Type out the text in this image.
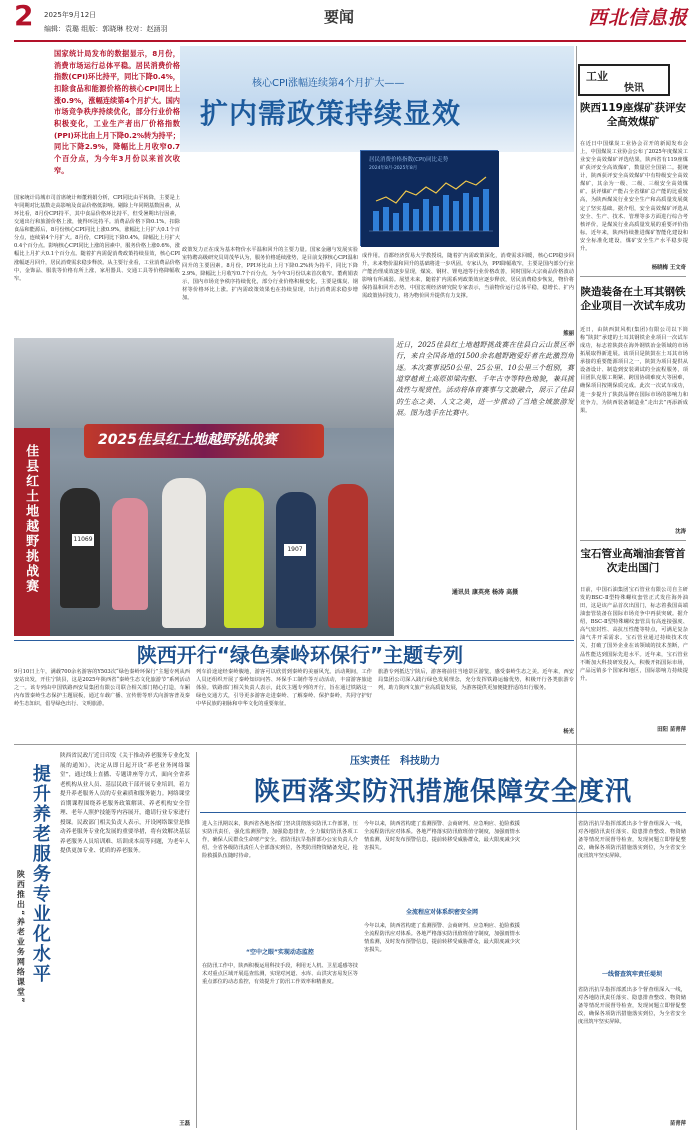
2 2025年9月12日
编辑：袁璐 组版：郭晓琳 校对：赵涵羽
要闻	西北信息报
国家统计局发布的数据显示，8月份，消费市场运行总体平稳。居民消费价格指数(CPI)环比持平，同比下降0.4%，扣除食品和能源价格的核心CPI同比上涨0.9%，涨幅连续第4个月扩大。国内市场竞争秩序持续优化，部分行业价格积极变化，工业生产者出厂价格指数(PPI)环比由上月下降0.2%转为持平；同比下降2.9%，降幅比上月收窄0.7个百分点，为今年3月份以来首次收窄。
核心CPI涨幅连续第4个月扩大——
扩内需政策持续显效
居民消费价格指数(CPI)同比走势
2024年8月-2025年8月
国家统计局城市司首席统计师董莉娟分析，CPI同比由平转降，主要是上年同期对比基数走高影响及食品价格低影响。剔除上年同期基数因素，从环比看，8月份CPI持平，其中食品价格环比持平，但受暑期出行因素，交通出行和旅游价格上涨，使得环比持平。消费品价格下降0.1%，扣除食品和能源后，8月份核心CPI同比上涨0.9%，涨幅比上月扩大0.1个百分点，连续第4个月扩大。8月份，CPI同比下降0.4%，降幅比上月扩大0.4个百分点。影响核心CPI同比上涨的因素中，服务价格上涨0.6%，涨幅比上月扩大0.1个百分点。随着扩内需促消费政策持续显效，核心CPI涨幅逐月回升，居民消费需求稳步释放。从主要行业看，工业消费品价格中，金饰品、服装等价格有所上涨，家用器具、交通工具等价格降幅收窄。
政策发力正在成为基本物价水平温和回升的主要力量。国家金融与发展实验室特聘高级研究员周茂华认为，服务价格延续涨势，是目前支撑核心CPI温和回升的主要因素。8月份，PPI环比由上月下降0.2%转为持平，同比下降2.9%，降幅比上月收窄0.7个百分点，为今年3月份以来首次收窄。董莉娟表示，国内市场竞争秩序持续优化，部分行业价格积极变化，主要是煤炭、钢材等价格环比上涨。扩内需政策效果也在持续显现，出行消费需求稳步增加。
成作用。首都经济贸易大学教授说，随着扩内需政策深化，消费需求回暖，核心CPI稳步回升，未来物价温和回升的基础将进一步巩固。专家认为，PPI降幅收窄，主要是国内部分行业产能治理成效逐步显现，煤炭、钢材、锂电池等行业价格改善，同时国际大宗商品价格波动影响有所减弱。展望未来，随着扩内需系列政策效应逐步释放，居民消费稳步恢复，物价将保持温和回升态势。中国宏观经济研究院专家表示，当前物价运行总体平稳，稳增长、扩内需政策协同发力，将为物价回升提供有力支撑。
熊丽
工业
快讯
陕西119座煤矿获评安全高效煤矿
在近日中国煤炭工业协会召开的新闻发布会上，中国煤炭工业协会公布了2025年度煤炭工业安全高效煤矿评选结果，陕西省有119座煤矿获评安全高效煤矿，数量居全国第二。据统计，陕西获评安全高效煤矿中有特级安全高效煤矿，其余为一级、二级、三级安全高效煤矿。获评煤矿产能占全省煤矿总产能的比重较高，为陕西煤炭行业安全生产和高质量发展奠定了坚实基础。据介绍，安全高效煤矿评选从安全、生产、技术、管理等多方面进行综合考核评价，是煤炭行业高质量发展的重要评价指标。近年来，陕西持续推进煤矿智能化建设和安全标准化建设，煤矿安全生产水平稳步提升。
杨晓梅 王文奇
陕造装备在土耳其钢铁企业项目一次试车成功
近日，由陕西鼓风机(集团)有限公司以下简称“陕鼓”承建的土耳其钢铁企业项目一次试车成功，标志着陕鼓在海外钢铁冶金领域的市场拓展取得新进展。该项目是陕鼓在土耳其市场承接的重要能源项目之一，陕鼓为项目提供从设备设计、制造到安装调试的全流程服务，项目团队克服工期紧、跨国协调难度大等困难，确保项目按期保质完成。此次一次试车成功，进一步提升了陕鼓品牌在国际市场的影响力和竞争力，为陕西装备制造业“走出去”再添新成果。
沈涛
宝石管业高端油套管首次走出国门
日前，中国石油集团宝石管业有限公司自主研发的BSC-Ⅱ型特殊螺纹套管正式发往海外油田，这是该产品首次出国门，标志着我国高端油套管装备在国际市场竞争中再获突破。据介绍，BSC-Ⅱ型特殊螺纹套管具有高连接强度、高气密封性、高抗压性能等特点，可满足复杂油气井开采需求。宝石管业通过持续技术攻关，打破了国外企业在该领域的技术垄断，产品性能达到国际先进水平。近年来，宝石管业不断加大科技研发投入，积极开拓国际市场，产品远销多个国家和地区，国际影响力持续提升。
田阳 苗青萍
2025佳县红土地越野挑战赛
佳县红土地越野挑战赛	11069
1907
近日，2025佳县红土地越野挑战赛在佳县白云山景区举行，来自全国各地的1500余名越野跑爱好者在此激烈角逐。本次赛事设50公里、25公里、10公里三个组别，赛道穿越黄土高原峁梁沟壑、千年古寺等特色地貌，兼具挑战性与观赏性。活动将体育赛事与文旅融合，展示了佳县的生态之美、人文之美，进一步推动了当地全域旅游发展。图为选手在比赛中。
通讯员 康英亮 杨涛 高摄
陕西开行“绿色秦岭环保行”主题专列
9月10日上午，满载700余名游客的Y503次“绿色秦岭环保行”主题专列从西安站出发，开往宁陕县，这是2025年陕西省“秦岭生态文化旅游节”系列活动之一。该专列由中国铁路西安局集团有限公司联合相关部门精心打造，车厢内布置秦岭生态保护主题展板，通过车载广播、宣传册等形式向游客普及秦岭生态知识，倡导绿色出行、文明旅游。
列车沿途途经秦岭腹地，游客可以欣赏到秦岭的美丽风光。活动期间，工作人员还组织开展了秦岭知识问答、环保手工制作等互动活动，丰富游客旅途体验。铁路部门相关负责人表示，此次主题专列的开行，旨在通过铁路这一绿色交通方式，引导更多游客走进秦岭、了解秦岭、保护秦岭，共同守护好中华民族的祖脉和中华文化的重要象征。
旅游专列抵达宁陕后，游客将前往当地景区游览，感受秦岭生态之美。近年来，西安局集团公司深入践行绿色发展理念，充分发挥铁路运输优势，积极开行各类旅游专列，助力陕西文旅产业高质量发展，为游客提供更加便捷舒适的出行服务。
杨光
提升养老服务专业化水平
陕西推出“养老业务网络课堂”
陕西省民政厅近日印发《关于推动养老服务专业化发展的通知》，决定从即日起开设“养老业务网络课堂”，通过线上直播、专题讲座等方式，面向全省养老机构从业人员、基层民政干部开展专业培训，着力提升养老服务人员的专业素质和服务能力。网络课堂首期课程围绕养老服务政策解读、养老机构安全管理、老年人照护技能等内容展开，邀请行业专家进行授课。民政部门相关负责人表示，开设网络课堂是推动养老服务专业化发展的重要举措，将有效解决基层养老服务人员培训难、培训成本高等问题，为老年人提供更加专业、优质的养老服务。
王磊
压实责任　科技助力
陕西落实防汛措施保障安全度汛
进入主汛期以来，陕西省各地各部门坚决贯彻落实防汛工作部署，压实防汛责任，强化监测预警，加强隐患排查，全力做好防汛各项工作，确保人民群众生命财产安全。省防汛抗旱指挥部办公室负责人介绍，全省各级防汛责任人全部落实到位，各类防汛物资储备充足，抢险救援队伍随时待命。
“空中之眼”实现动态监控
在防汛工作中，陕西积极运用科技手段，利用无人机、卫星遥感等技术对重点区域开展巡查监测，实现对河道、水库、山洪灾害易发区等重点部位的动态监控，有效提升了防汛工作效率和精准度。
今年以来，陕西省构建了监测预警、会商研判、应急响应、抢险救援全流程防汛应对体系。各地严格落实防汛值班值守制度，加强雨情水情监测，及时发布预警信息，提前转移受威胁群众，最大限度减少灾害损失。
全流程应对体系织密安全网
今年以来，陕西省构建了监测预警、会商研判、应急响应、抢险救援全流程防汛应对体系。各地严格落实防汛值班值守制度，加强雨情水情监测，及时发布预警信息，提前转移受威胁群众，最大限度减少灾害损失。
一线督查筑牢责任堤坝
省防汛抗旱指挥部派出多个督查组深入一线，对各地防汛责任落实、隐患排查整改、物资储备等情况开展督导检查，发现问题立即督促整改，确保各项防汛措施落实到位，为全省安全度汛筑牢坚实屏障。
省防汛抗旱指挥部派出多个督查组深入一线，对各地防汛责任落实、隐患排查整改、物资储备等情况开展督导检查，发现问题立即督促整改，确保各项防汛措施落实到位，为全省安全度汛筑牢坚实屏障。
苗青萍
